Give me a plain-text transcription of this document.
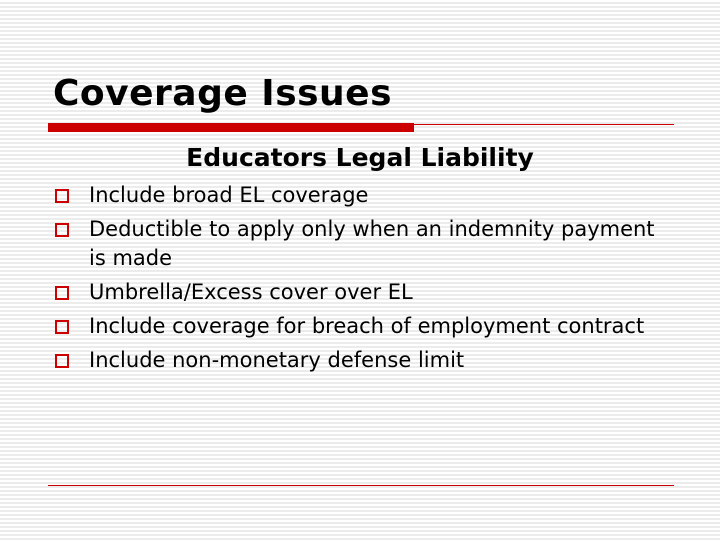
Coverage Issues
Educators Legal Liability
Include broad EL coverage
Deductible to apply only when an indemnity payment is made
Umbrella/Excess cover over EL
Include coverage for breach of employment contract
Include non-monetary defense limit
